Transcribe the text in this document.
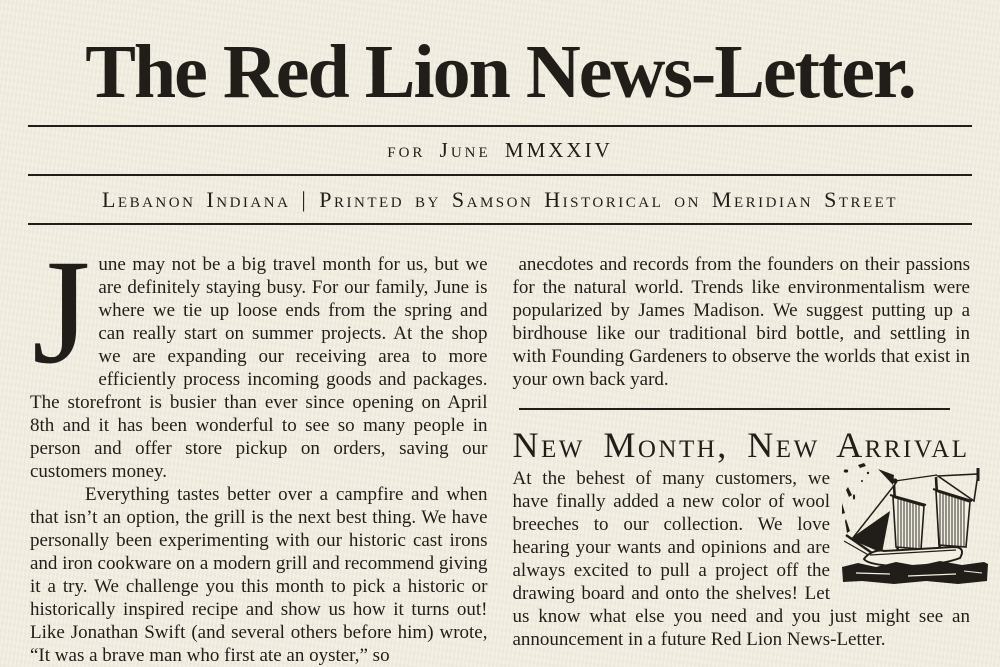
The Red Lion News-Letter.
for June MMXXIV
Lebanon Indiana | Printed by Samson Historical on Meridian Street

June may not be a big travel month for us, but we are definitely staying busy. For our family, June is where we tie up loose ends from the spring and can really start on summer projects. At the shop we are expanding our receiving area to more efficiently process incoming goods and packages. The storefront is busier than ever since opening on April 8th and it has been wonderful to see so many people in person and offer store pickup on orders, saving our customers money.

Everything tastes better over a campfire and when that isn’t an option, the grill is the next best thing. We have personally been experimenting with our historic cast irons and iron cookware on a modern grill and recommend giving it a try. We challenge you this month to pick a historic or historically inspired recipe and show us how it turns out! Like Jonathan Swift (and several others before him) wrote, “It was a brave man who first ate an oyster,” so

anecdotes and records from the founders on their passions for the natural world. Trends like environmentalism were popularized by James Madison. We suggest putting up a birdhouse like our traditional bird bottle, and settling in with Founding Gardeners to observe the worlds that exist in your own back yard.

New Month, New Arrival

At the behest of many customers, we have finally added a new color of wool breeches to our collection. We love hearing your wants and opinions and are always excited to pull a project off the drawing board and onto the shelves! Let us know what else you need and you just might see an announcement in a future Red Lion News-Letter.
